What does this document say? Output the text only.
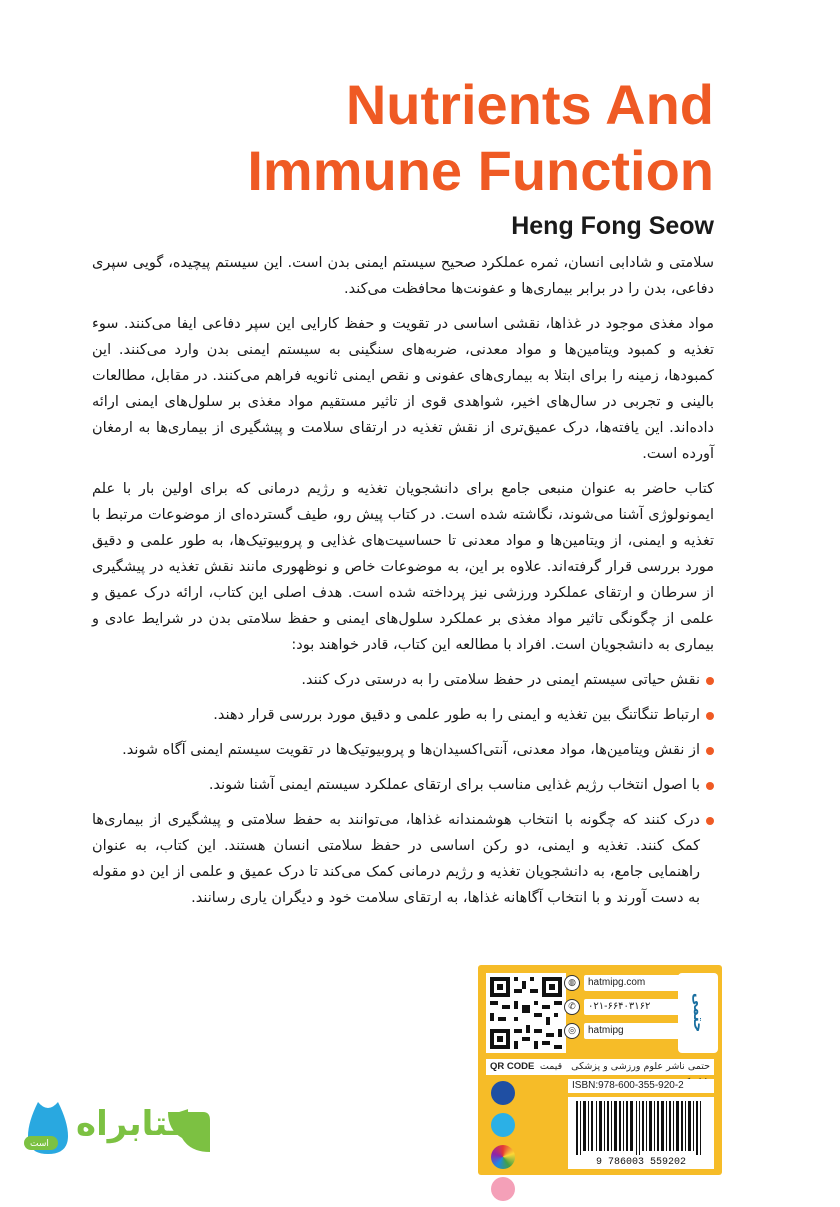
Nutrients And
Immune Function
Heng Fong Seow

سلامتی و شادابی انسان، ثمره عملکرد صحیح سیستم ایمنی بدن است. این سیستم پیچیده، گویی سپری دفاعی، بدن را در برابر بیماری‌ها و عفونت‌ها محافظت می‌کند.

مواد مغذی موجود در غذاها، نقشی اساسی در تقویت و حفظ کارایی این سپر دفاعی ایفا می‌کنند. سوء تغذیه و کمبود ویتامین‌ها و مواد معدنی، ضربه‌های سنگینی به سیستم ایمنی بدن وارد می‌کنند. این کمبودها، زمینه را برای ابتلا به بیماری‌های عفونی و نقص ایمنی ثانویه فراهم می‌کنند. در مقابل، مطالعات بالینی و تجربی در سال‌های اخیر، شواهدی قوی از تاثیر مستقیم مواد مغذی بر سلول‌های ایمنی ارائه داده‌اند. این یافته‌ها، درک عمیق‌تری از نقش تغذیه در ارتقای سلامت و پیشگیری از بیماری‌ها به ارمغان آورده است.

کتاب حاضر به عنوان منبعی جامع برای دانشجویان تغذیه و رژیم درمانی که برای اولین بار با علم ایمونولوژی آشنا می‌شوند، نگاشته شده است. در کتاب پیش رو، طیف گسترده‌ای از موضوعات مرتبط با تغذیه و ایمنی، از ویتامین‌ها و مواد معدنی تا حساسیت‌های غذایی و پروبیوتیک‌ها، به طور علمی و دقیق مورد بررسی قرار گرفته‌اند. علاوه بر این، به موضوعات خاص و نوظهوری مانند نقش تغذیه در پیشگیری از سرطان و ارتقای عملکرد ورزشی نیز پرداخته شده است. هدف اصلی این کتاب، ارائه درک عمیق و علمی از چگونگی تاثیر مواد مغذی بر عملکرد سلول‌های ایمنی و حفظ سلامتی بدن در شرایط عادی و بیماری به دانشجویان است. افراد با مطالعه این کتاب، قادر خواهند بود:

نقش حیاتی سیستم ایمنی در حفظ سلامتی را به درستی درک کنند.
ارتباط تنگاتنگ بین تغذیه و ایمنی را به طور علمی و دقیق مورد بررسی قرار دهند.
از نقش ویتامین‌ها، مواد معدنی، آنتی‌اکسیدان‌ها و پروبیوتیک‌ها در تقویت سیستم ایمنی آگاه شوند.
با اصول انتخاب رژیم غذایی مناسب برای ارتقای عملکرد سیستم ایمنی آشنا شوند.
درک کنند که چگونه با انتخاب هوشمندانه غذاها، می‌توانند به حفظ سلامتی و پیشگیری از بیماری‌ها کمک کنند. تغذیه و ایمنی، دو رکن اساسی در حفظ سلامتی انسان هستند. این کتاب، به عنوان راهنمایی جامع، به دانشجویان تغذیه و رژیم درمانی کمک می‌کند تا درک عمیق و علمی از این دو مقوله به دست آورند و با انتخاب آگاهانه غذاها، به ارتقای سلامت خود و دیگران یاری رسانند.
◍	hatmipg.com
✆	۰۲۱-۶۶۴۰۳۱۶۲
◎	hatmipg	حتمی
QR CODE	حتمی ناشر علوم ورزشی و پزشکی قیمت
ISBN:978-600-355-920-2

9 786003 559202
کتابراه
است
